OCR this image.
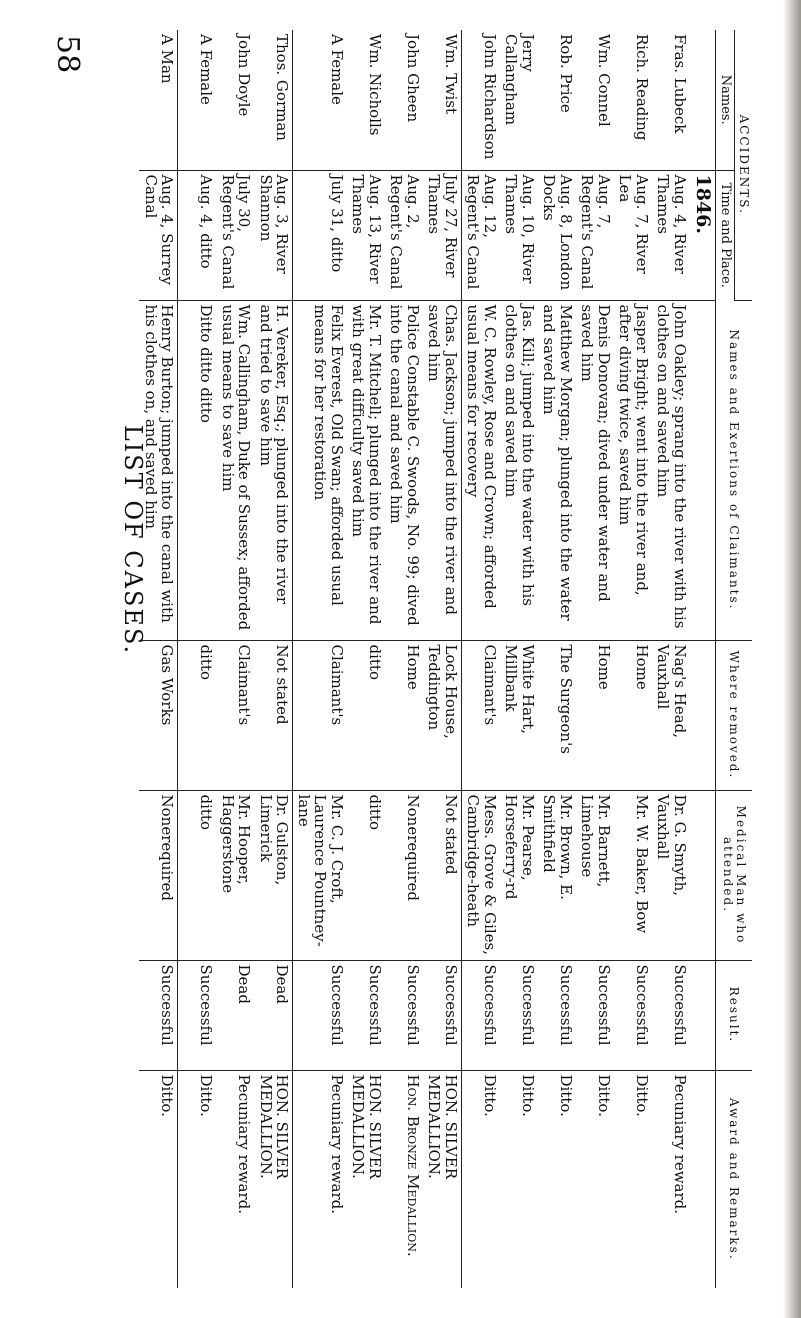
58
LIST OF CASES.
ACCIDENTS.		Names and Exertions of Claimants.	Where removed.	Medical Man who attended.	Result.	Award and Remarks.
Names.	Time and Place.					
	1846.					
Fras. Lubeck	Aug. 4, River Thames	John Oakley; sprang into the river with his clothes on and saved him	Nag's Head, Vauxhall	Dr. G. Smyth, Vauxhall	Successful	Pecuniary reward.
Rich. Reading	Aug. 7, River Lea	Jasper Bright; went into the river and, after diving twice, saved him	Home	Mr. W. Baker, Bow	Successful	Ditto.
Wm. Connel	Aug. 7, Regent's Canal	Denis Donovan; dived under water and saved him	Home	Mr. Barnett, Limehouse	Successful	Ditto.
Rob. Price	Aug. 8, London Docks	Matthew Morgan; plunged into the water and saved him	The Surgeon's	Mr. Brown, E. Smithfield	Successful	Ditto.
Jerry Callangham	Aug. 10, River Thames	Jas. Kill; jumped into the water with his clothes on and saved him	White Hart, Millbank	Mr. Pearse, Horseferry-rd	Successful	Ditto.
John Richardson	Aug. 12, Regent's Canal	W. C. Rowley, Rose and Crown; afforded usual means for recovery	Claimant's	Mess. Grove & Giles, Cambridge-heath	Successful	Ditto.
Wm. Twist	July 27, River Thames	Chas. Jackson; jumped into the river and saved him	Lock House, Teddington	Not stated	Successful	HON. SILVER MEDALLION.
John Gheen	Aug. 2, Regent's Canal	Police Constable C. Swoods, No. 99; dived into the canal and saved him	Home	Nonerequired	Successful	Hon. Bronze Medallion.
Wm. Nicholls	Aug. 13, River Thames	Mr. T. Mitchell; plunged into the river and with great difficulty saved him	ditto	ditto	Successful	HON. SILVER MEDALLION.
A Female	July 31, ditto	Felix Everest, Old Swan; afforded usual means for her restoration	Claimant's	Mr. C. J. Croft, Laurence Pountney-lane	Successful	Pecuniary reward.
Thos. Gorman	Aug. 3, River Shannon	H. Vereker, Esq.; plunged into the river and tried to save him	Not stated	Dr. Gulston, Limerick	Dead	HON. SILVER MEDALLION.
John Doyle	July 30, Regent's Canal	Wm. Callingham, Duke of Sussex; afforded usual means to save him	Claimant's	Mr. Hooper, Haggerstone	Dead	Pecuniary reward.
A Female	Aug. 4, ditto	Ditto ditto ditto	ditto	ditto	Successful	Ditto.
A Man	Aug. 4, Surrey Canal	Henry Burton; jumped into the canal with his clothes on, and saved him	Gas Works	Nonerequired	Successful	Ditto.
